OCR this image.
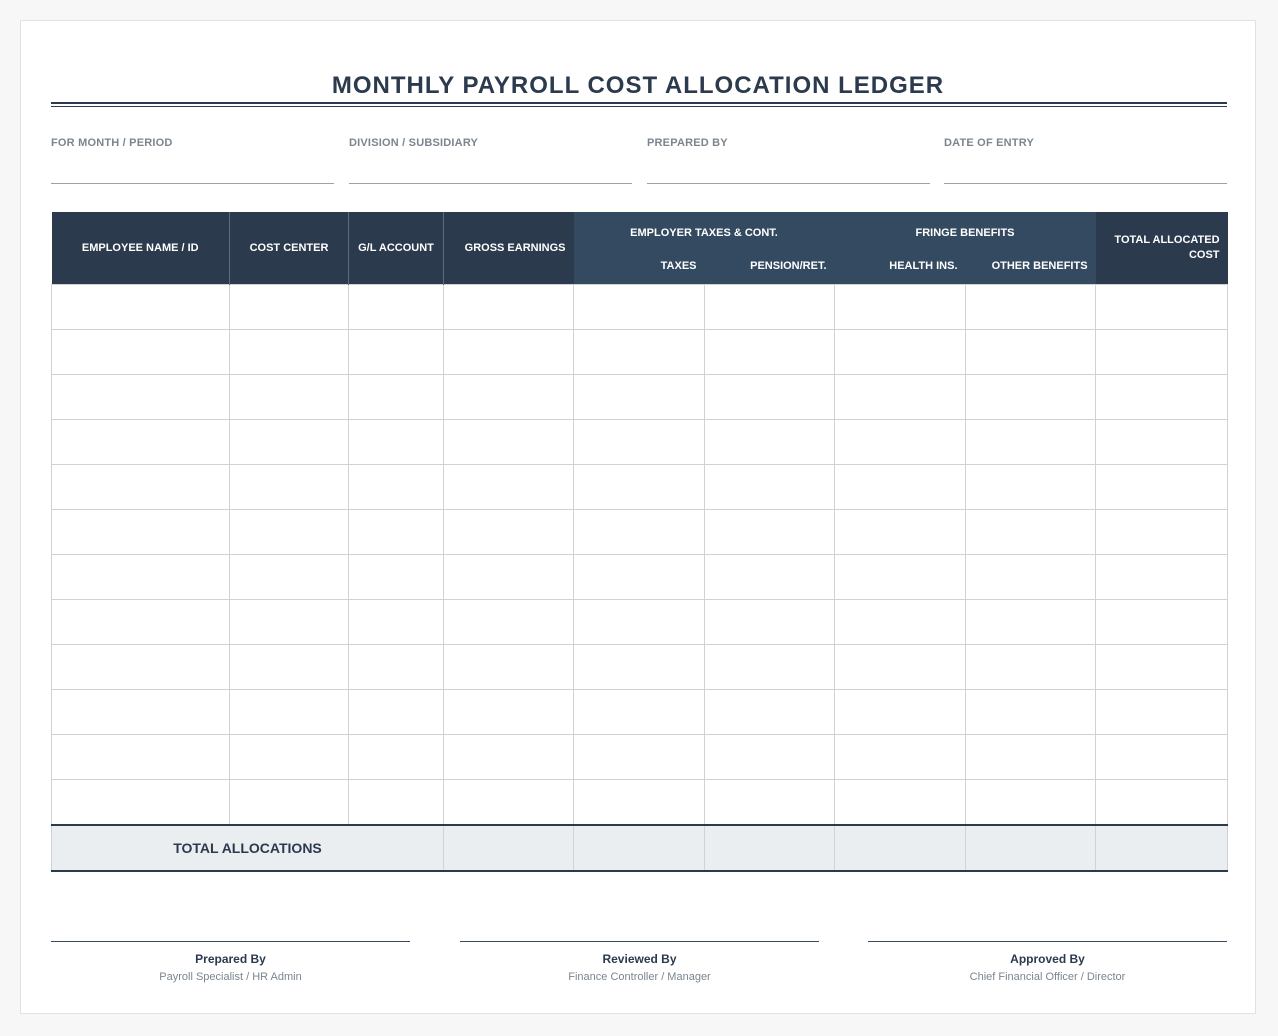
MONTHLY PAYROLL COST ALLOCATION LEDGER
FOR MONTH / PERIOD	DIVISION / SUBSIDIARY	PREPARED BY	DATE OF ENTRY
EMPLOYEE NAME / ID	COST CENTER	G/L ACCOUNT	GROSS EARNINGS	EMPLOYER TAXES & CONT.		FRINGE BENEFITS		TOTAL ALLOCATED COST
				TAXES	PENSION/RET.	HEALTH INS.	OTHER BENEFITS	

TOTAL ALLOCATIONS								
Prepared By
Payroll Specialist / HR Admin
Reviewed By
Finance Controller / Manager
Approved By
Chief Financial Officer / Director
